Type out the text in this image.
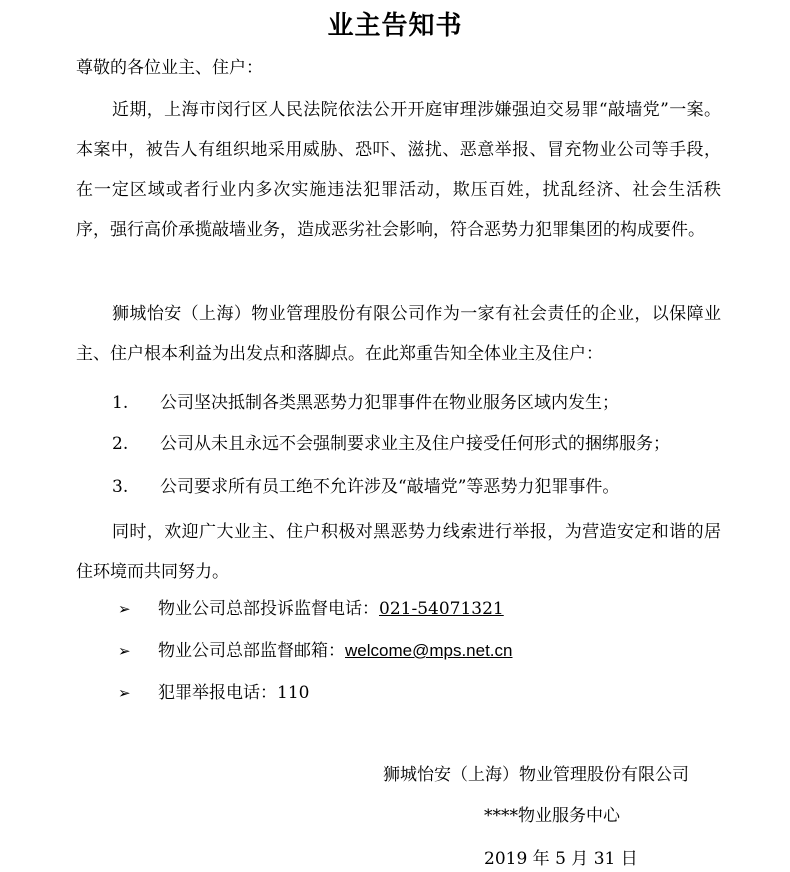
业主告知书
尊敬的各位业主、住户：

近期，上海市闵行区人民法院依法公开开庭审理涉嫌强迫交易罪“敲墙党”一案。本案中，被告人有组织地采用威胁、恐吓、滋扰、恶意举报、冒充物业公司等手段，在一定区域或者行业内多次实施违法犯罪活动，欺压百姓，扰乱经济、社会生活秩序，强行高价承揽敲墙业务，造成恶劣社会影响，符合恶势力犯罪集团的构成要件。

狮城怡安（上海）物业管理股份有限公司作为一家有社会责任的企业，以保障业主、住户根本利益为出发点和落脚点。在此郑重告知全体业主及住户：

1. 公司坚决抵制各类黑恶势力犯罪事件在物业服务区域内发生；
2. 公司从未且永远不会强制要求业主及住户接受任何形式的捆绑服务；
3. 公司要求所有员工绝不允许涉及“敲墙党”等恶势力犯罪事件。

同时，欢迎广大业主、住户积极对黑恶势力线索进行举报，为营造安定和谐的居住环境而共同努力。

➢ 物业公司总部投诉监督电话：021-54071321
➢ 物业公司总部监督邮箱：welcome@mps.net.cn
➢ 犯罪举报电话：110
狮城怡安（上海）物业管理股份有限公司
****物业服务中心
2019 年 5 月 31 日
